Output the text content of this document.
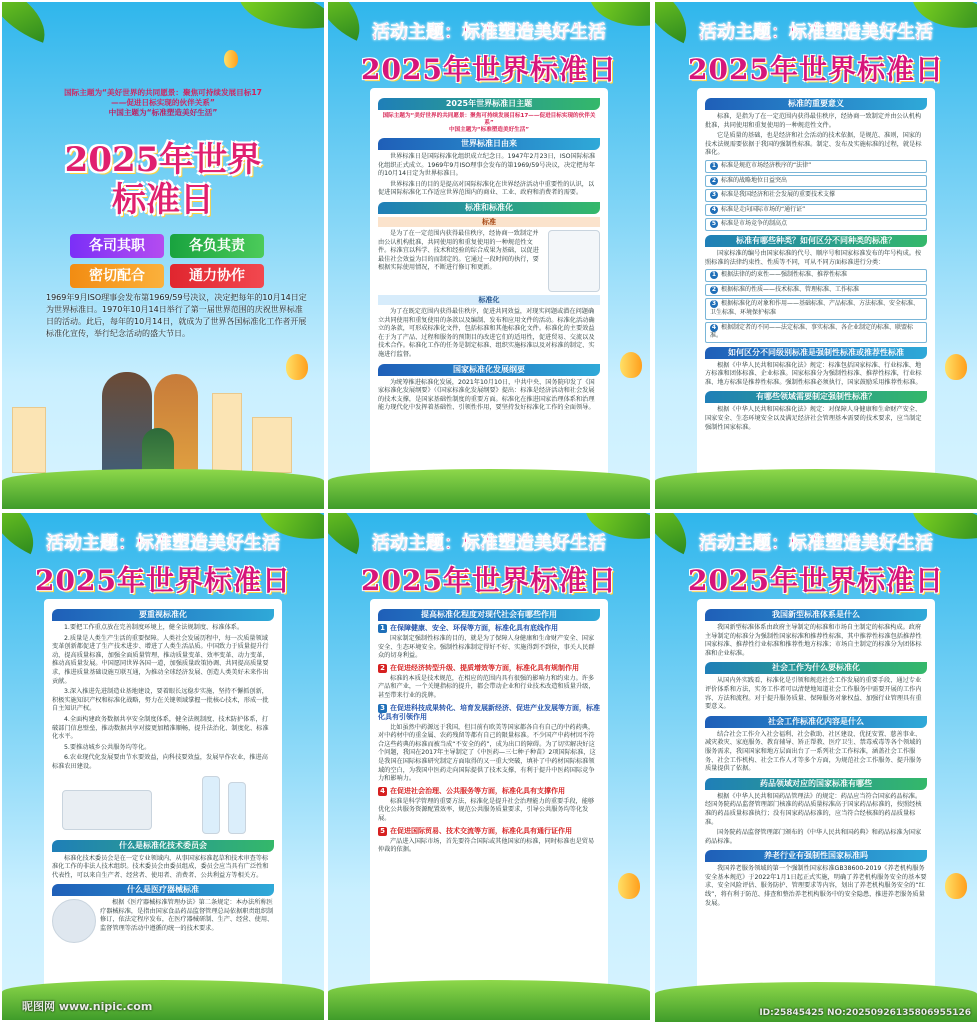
国际主题为“美好世界的共同愿景：聚焦可持续发展目标17
——促进日标实现的伙伴关系”
中国主题为“标准塑造美好生活”
2025年世界
标准日
各司其职	各负其责
密切配合	通力协作
1969年9月ISO理事会发布第1969/59号决议，决定把每年的10月14日定为世界标准日。1970年10月14日举行了第一届世界范围的庆祝世界标准日的活动。此后，每年的10月14日，就成为了世界各国标准化工作者开展标准化宣传，举行纪念活动的盛大节日。
活动主题：标准塑造美好生活
2025年世界标准日
2025年世界标准日主题
国际主题为“美好世界的共同愿景：聚焦可持续发展目标17——促进目标实现的伙伴关系”
中国主题为“标准塑造美好生活”
世界标准日由来
世界标准日是国际标准化组织成立纪念日。1947年2月23日，ISO国际标准化组织正式成立。1969年9月ISO理事会发布的第1969/59号决议，决定把每年的10月14日定为世界标准日。
世界标准日的目的是提高对国际标准化在世界经济活动中重要性的认识，以促进国际标准化工作适应世界范围内的商业、工业、政府和消费者的需要。
标准和标准化
标准
是为了在一定范围内获得最佳秩序，经协商一致制定并由公认机构批准，共同使用的和重复使用的一种规范性文件。标准宜以科学、技术和经验的综合成果为基础，以促进最佳社会效益为目的而制定的。它通过一段时间的执行，要根据实际使用情况，不断进行修订和更新。
标准化
为了在既定范围内获得最佳秩序，促进共同效益，对现实问题或潜在问题确立共同使用和重复使用的条款以及编制、发布和应用文件的活动。标准化活动确立的条款，可形成标准化文件，包括标准和其他标准化文件。标准化的主要效益在于为了产品、过程和服务的预期目的改进它们的适用性，促进贸易、交流以及技术合作。标准化工作的任务是制定标准、组织实施标准以及对标准的制定、实施进行监督。
国家标准化发展纲要
为统筹推进标准化发展，2021年10月10日，中共中央、国务院印发了《国家标准化发展纲要》（《国家标准化发展纲要》提出：标准是经济活动和社会发展的技术支撑，是国家基础性制度的重要方面。标准化在推进国家治理体系和治理能力现代化中发挥着基础性、引领性作用，要坚持发好标准化工作的全面领导。
活动主题：标准塑造美好生活
2025年世界标准日
标准的重要意义
标准，是指为了在一定范围内获得最佳秩序，经协商一致制定并由公认机构批准，共同使用和重复使用的一种规范性文件。
它是质量的基础，也是经济和社会活动的技术依据，是规范、准则，国家的技术法规需要依据于我国的强制性标准。制定、发布及实施标准的过程，就是标准化。
1 标准是规范市场经济秩序的“法律”
2 标准的战略地位日益突出
3 标准是我国经济和社会发展的重要技术支撑
4 标准是走向国际市场的“通行证”
5 标准是市场竞争的制高点
标准有哪些种类？如何区分不同种类的标准？
国家标准的编号由国家标准的代号、顺序号和国家标准发布的年号构成。按照标准的法律约束性、性质等不同，可从不同方面标准进行分类：
1 根据法律的约束性——强制性标准、推荐性标准
2 根据标准的性质——技术标准、管理标准、工作标准
3 根据标准化的对象和作用——基础标准、产品标准、方法标准、安全标准、卫生标准、环境保护标准
4 根据制定者的不同——法定标准、事实标准、各企业制定的标准、联盟标准。
如何区分不同级别标准是强制性标准或推荐性标准
根据《中华人民共和国标准化法》规定：标准包括国家标准、行业标准、地方标准和团体标准、企业标准。国家标准分为强制性标准、推荐性标准，行业标准、地方标准是推荐性标准。强制性标准必须执行，国家鼓励采用推荐性标准。
有哪些领域需要制定强制性标准？
根据《中华人民共和国标准化法》规定：对保障人身健康和生命财产安全、国家安全、生态环境安全以及满足经济社会管理基本需要的技术要求，应当制定强制性国家标准。
活动主题：标准塑造美好生活
2025年世界标准日
要重视标准化
1.要把工作重点放在完善制度环境上，健全法规制度、标准体系。
2.质量是人类生产生活的重要保障。人类社会发展历程中，每一次质量领域变革创新都促进了生产技术进步、增进了人类生活品质。中国致力于质量提升行动，提高质量标准，加强全面质量管理，推动质量变革、效率变革、动力变革，推动高质量发展。中国愿同世界各国一道，加强质量政策协调、共同提高质量要求，推进质量基础设施互联互通，为推动全球经济发展、创造人类美好未来作出贡献。
3.深入推进先进制造业基地建设，要着眼长远稳步实施，坚持不懈抓创新，积极实施知识产权和标准化战略，努力在关键领域掌握一批核心技术，形成一批自主知识产权。
4.全面构建政务数据共享安全制度体系，健全法规制度、技术防护体系，打破部门信息壁垒，推动数据共享对接更加精准顺畅，提升法治化、制度化、标准化水平。
5.要推动城乡公共服务均等化。
6.农业现代化发展要由节水要效益，向科技要效益，发展旱作农业，推进高标准农田建设。
什么是标准化技术委员会
标准化技术委员会是在一定专业领域内，从事国家标准起草和技术审查等标准化工作的非法人技术组织。技术委员会由委员组成，委员会应当具有广泛性和代表性，可以来自生产者、经营者、使用者、消费者、公共利益方等相关方。
什么是医疗器械标准
根据《医疗器械标准管理办法》第二条规定：本办法所称医疗器械标准，是指由国家食品药品监督管理总局依据职责组织制修订，依法定程序发布，在医疗器械研制、生产、经营、使用、监督管理等活动中遵循的统一的技术要求。
昵图网 www.nipic.com
活动主题：标准塑造美好生活
2025年世界标准日
提高标准化程度对现代社会有哪些作用
1 在保障健康、安全、环保等方面，标准化具有底线作用
国家制定强制性标准的目的，就是为了保障人身健康和生命财产安全、国家安全、生态环境安全。强制性标准制定得好不好、实施得到不到位，事关人民群众的切身利益。
2 在促进经济转型升级、提质增效等方面，标准化具有规制作用
标准的本质是技术规范，在相应的范围内具有很强的影响力和约束力。许多产品和产业，一个关键指标的提升，都会带动企业和行业技术改造和质量升级，甚至带来行业的洗牌。
3 在促进科技成果转化、培育发展新经济、促进产业发展等方面，标准化具有引领作用
比如虽然中药源远于我国，但目前有欧美等国家都各自有自己的中药药典，对中药材中的重金属、农药残留等都有自己的限量标准。不少国产中药材因不符合这些药典的标准而被当成“不安全的药”，成为出口的障碍。为了切实解决好这个问题，我国在2017年主导制定了《中医药—三七种子种苗》2项国际标准，这是我国在国际标准研究制定方面取得的又一重大突破，填补了中药材国际标准领域的空白，为我国中医药走向国际提供了技术支撑，有利于提升中医药国际竞争力和影响力。
4 在促进社会治理、公共服务等方面，标准化具有支撑作用
标准是科学管理的重要方法，标准化是提升社会治理能力的重要手段，能够优化公共服务资源配置效率，规范公共服务质量要求，引导公共服务均等化发展。
5 在促进国际贸易、技术交流等方面，标准化具有通行证作用
产品进入国际市场，首先要符合国际或其他国家的标准，同时标准也是贸易仲裁的依据。
活动主题：标准塑造美好生活
2025年世界标准日
我国新型标准体系是什么
我国新型标准体系由政府主导制定的标准和市场自主制定的标准构成。政府主导制定的标准分为强制性国家标准和推荐性标准，其中推荐性标准包括推荐性国家标准、推荐性行业标准和推荐性地方标准；市场自主制定的标准分为团体标准和企业标准。
社会工作为什么要标准化
从国内外实践看，标准化是引领和规范社会工作发展的重要手段，通过专业评价体系和方法，实务工作者可以清楚地知道社会工作服务中需要开展的工作内容、方法和流程。对于提升服务质量、保障服务对象权益、加强行业管理具有重要意义。
社会工作标准化内容是什么
结合社会工作介入社会福利、社会救助、社区建设、优抚安置、慈善事业、减灾救灾、家庭服务、教育辅导、矫正帮教、医疗卫生、禁毒戒毒等各个领域的服务需求，我国国家和地方层面出台了一系列社会工作标准，涵盖社会工作服务、社会工作机构、社会工作人才等多个方面，为规范社会工作服务、提升服务质量提供了依据。
药品领域对应的国家标准有哪些
根据《中华人民共和国药品管理法》的规定：药品应当符合国家药品标准。经国务院药品监督管理部门核准的药品质量标准高于国家药品标准的，按照经核准的药品质量标准执行；没有国家药品标准的，应当符合经核准的药品质量标准。
国务院药品监督管理部门颁布的《中华人民共和国药典》和药品标准为国家药品标准。
养老行业有强制性国家标准吗
我国养老服务领域的第一个强制性国家标准GB38600-2019《养老机构服务安全基本规范》于2022年1月1日起正式实施，明确了养老机构服务安全的基本要求、安全风险评估、服务防护、管理要求等内容，划出了养老机构服务安全的“红线”，将有利于防范、排查和整治养老机构服务中的安全隐患，推进养老服务质量发展。
ID:25845425 NO:20250926135806955126
